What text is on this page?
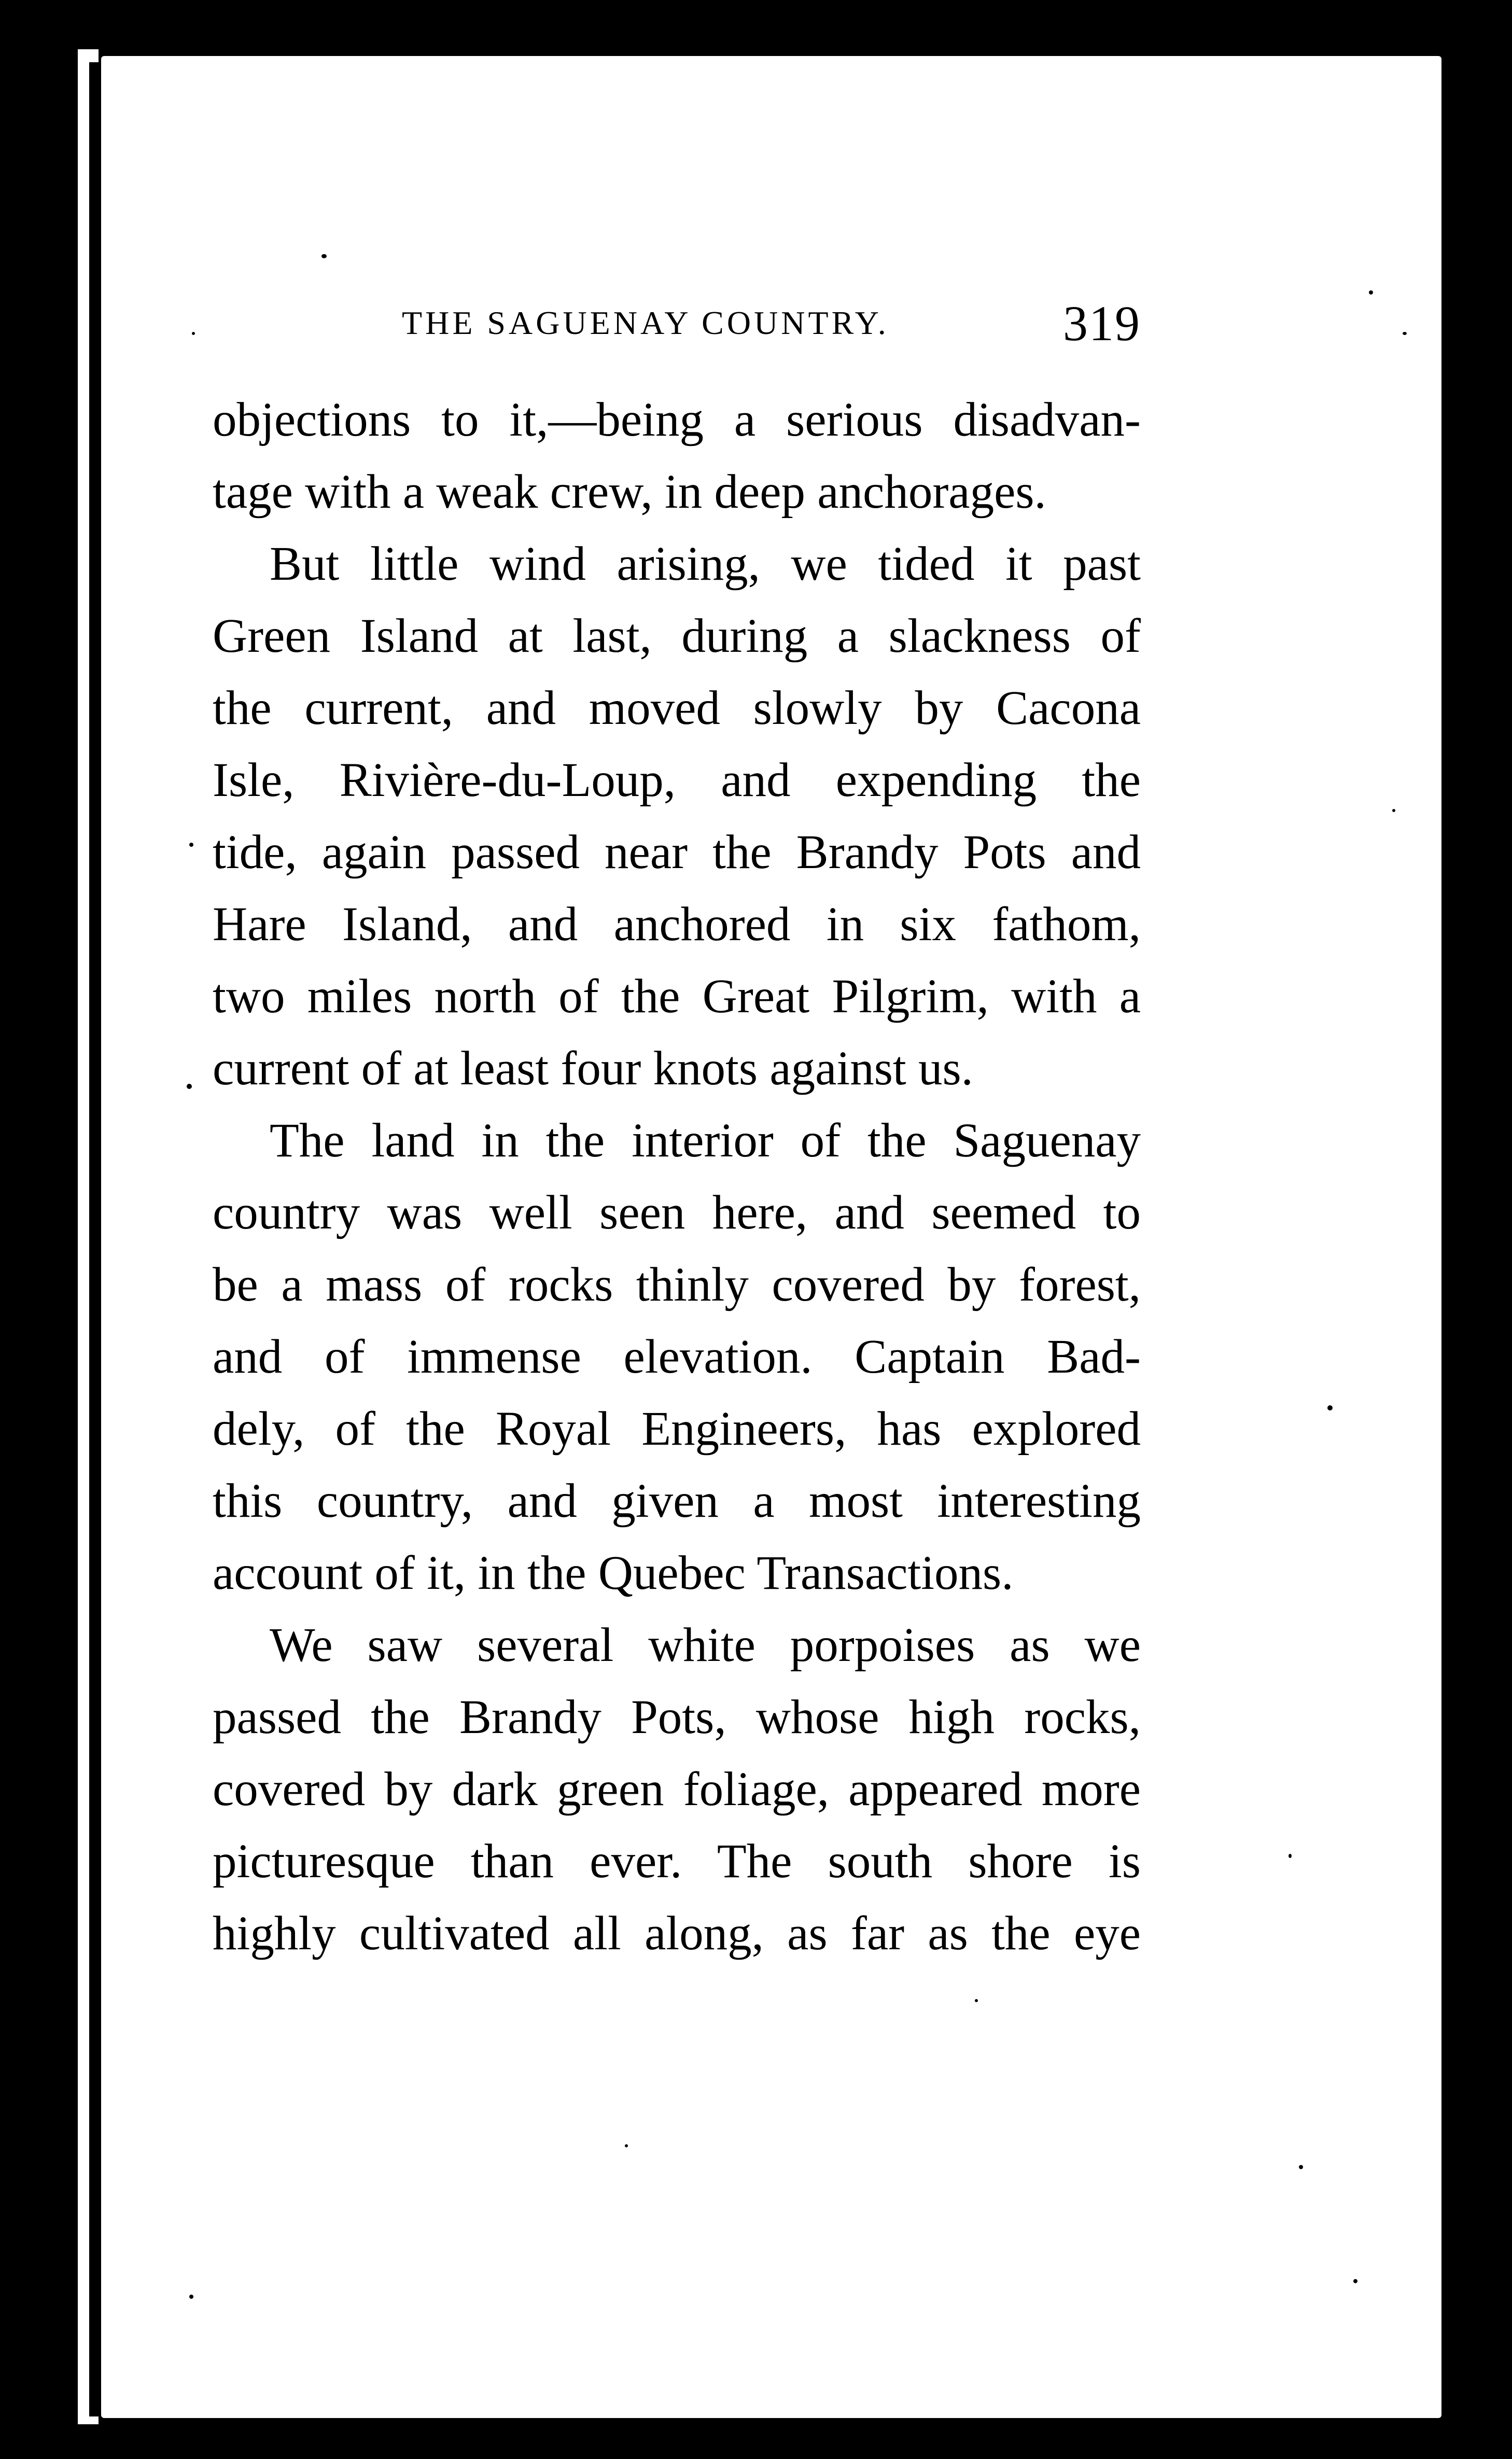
THE SAGUENAY COUNTRY.	319
objections to it,—being a serious disadvan-
tage with a weak crew, in deep anchorages.
But little wind arising, we tided it past
Green Island at last, during a slackness of
the current, and moved slowly by Cacona
Isle, Rivière-du-Loup, and expending the
tide, again passed near the Brandy Pots and
Hare Island, and anchored in six fathom,
two miles north of the Great Pilgrim, with a
current of at least four knots against us.
The land in the interior of the Saguenay
country was well seen here, and seemed to
be a mass of rocks thinly covered by forest,
and of immense elevation. Captain Bad-
dely, of the Royal Engineers, has explored
this country, and given a most interesting
account of it, in the Quebec Transactions.
We saw several white porpoises as we
passed the Brandy Pots, whose high rocks,
covered by dark green foliage, appeared more
picturesque than ever. The south shore is
highly cultivated all along, as far as the eye
